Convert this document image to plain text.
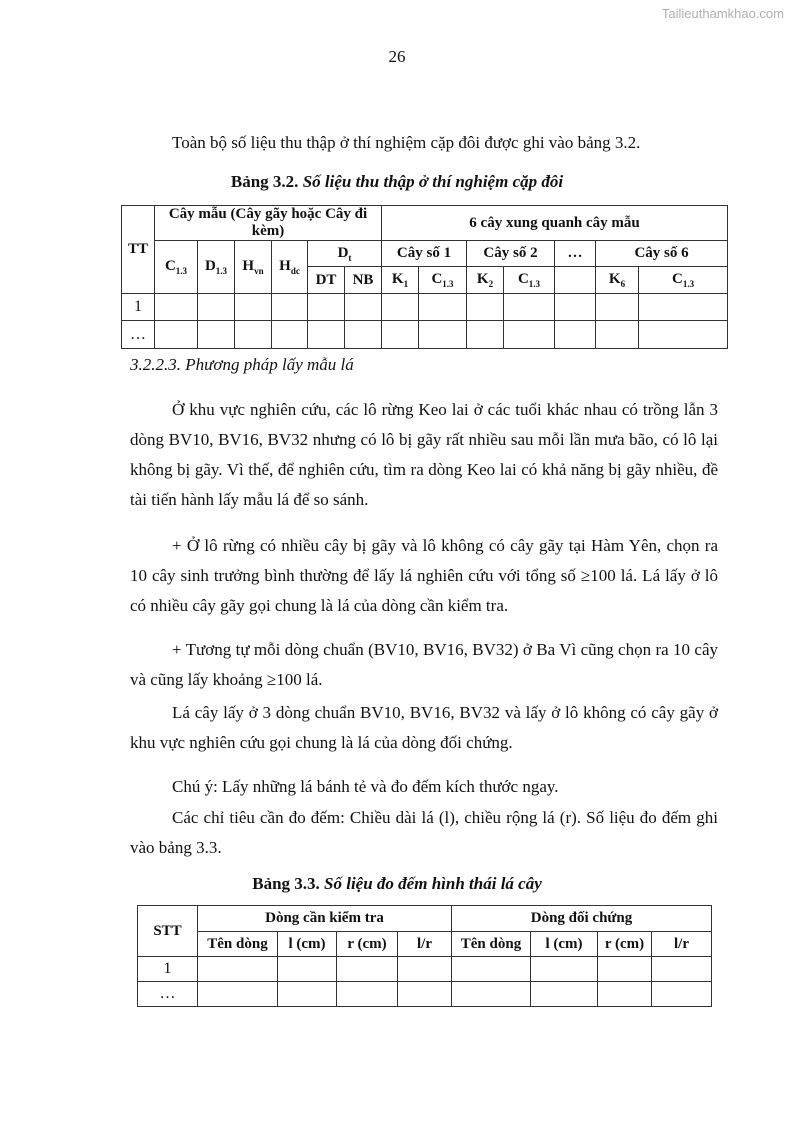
Tailieuthamkhao.com
26
Toàn bộ số liệu thu thập ở thí nghiệm cặp đôi được ghi vào bảng 3.2.
Bảng 3.2. Số liệu thu thập ở thí nghiệm cặp đôi
TT	Cây mẫu (Cây gãy hoặc Cây đi kèm)						6 cây xung quanh cây mẫu						
	$C_{1.3}$	$D_{1.3}$	$H_{vn}$	$H_{dc}$	$D_t$		Cây số 1		Cây số 2		…	Cây số 6	
					DT	NB	$K_1$	$C_{1.3}$	$K_2$	$C_{1.3}$		$K_6$	$C_{1.3}$
1													
…													
3.2.2.3. Phương pháp lấy mẫu lá
Ở khu vực nghiên cứu, các lô rừng Keo lai ở các tuổi khác nhau có trồng lẫn 3 dòng BV10, BV16, BV32 nhưng có lô bị gãy rất nhiều sau mỗi lần mưa bão, có lô lại không bị gãy. Vì thế, để nghiên cứu, tìm ra dòng Keo lai có khả năng bị gãy nhiều, đề tài tiến hành lấy mẫu lá để so sánh.
+ Ở lô rừng có nhiều cây bị gãy và lô không có cây gãy tại Hàm Yên, chọn ra 10 cây sinh trưởng bình thường để lấy lá nghiên cứu với tổng số ≥100 lá. Lá lấy ở lô có nhiều cây gãy gọi chung là lá của dòng cần kiểm tra.
+ Tương tự mỗi dòng chuẩn (BV10, BV16, BV32) ở Ba Vì cũng chọn ra 10 cây và cũng lấy khoảng ≥100 lá.
Lá cây lấy ở 3 dòng chuẩn BV10, BV16, BV32 và lấy ở lô không có cây gãy ở khu vực nghiên cứu gọi chung là lá của dòng đối chứng.
Chú ý: Lấy những lá bánh tẻ và đo đếm kích thước ngay.
Các chỉ tiêu cần đo đếm: Chiều dài lá (l), chiều rộng lá (r). Số liệu đo đếm ghi vào bảng 3.3.
Bảng 3.3. Số liệu đo đếm hình thái lá cây
STT	Dòng cần kiểm tra				Dòng đối chứng			
	Tên dòng	l (cm)	r (cm)	l/r	Tên dòng	l (cm)	r (cm)	l/r
1								
…								
